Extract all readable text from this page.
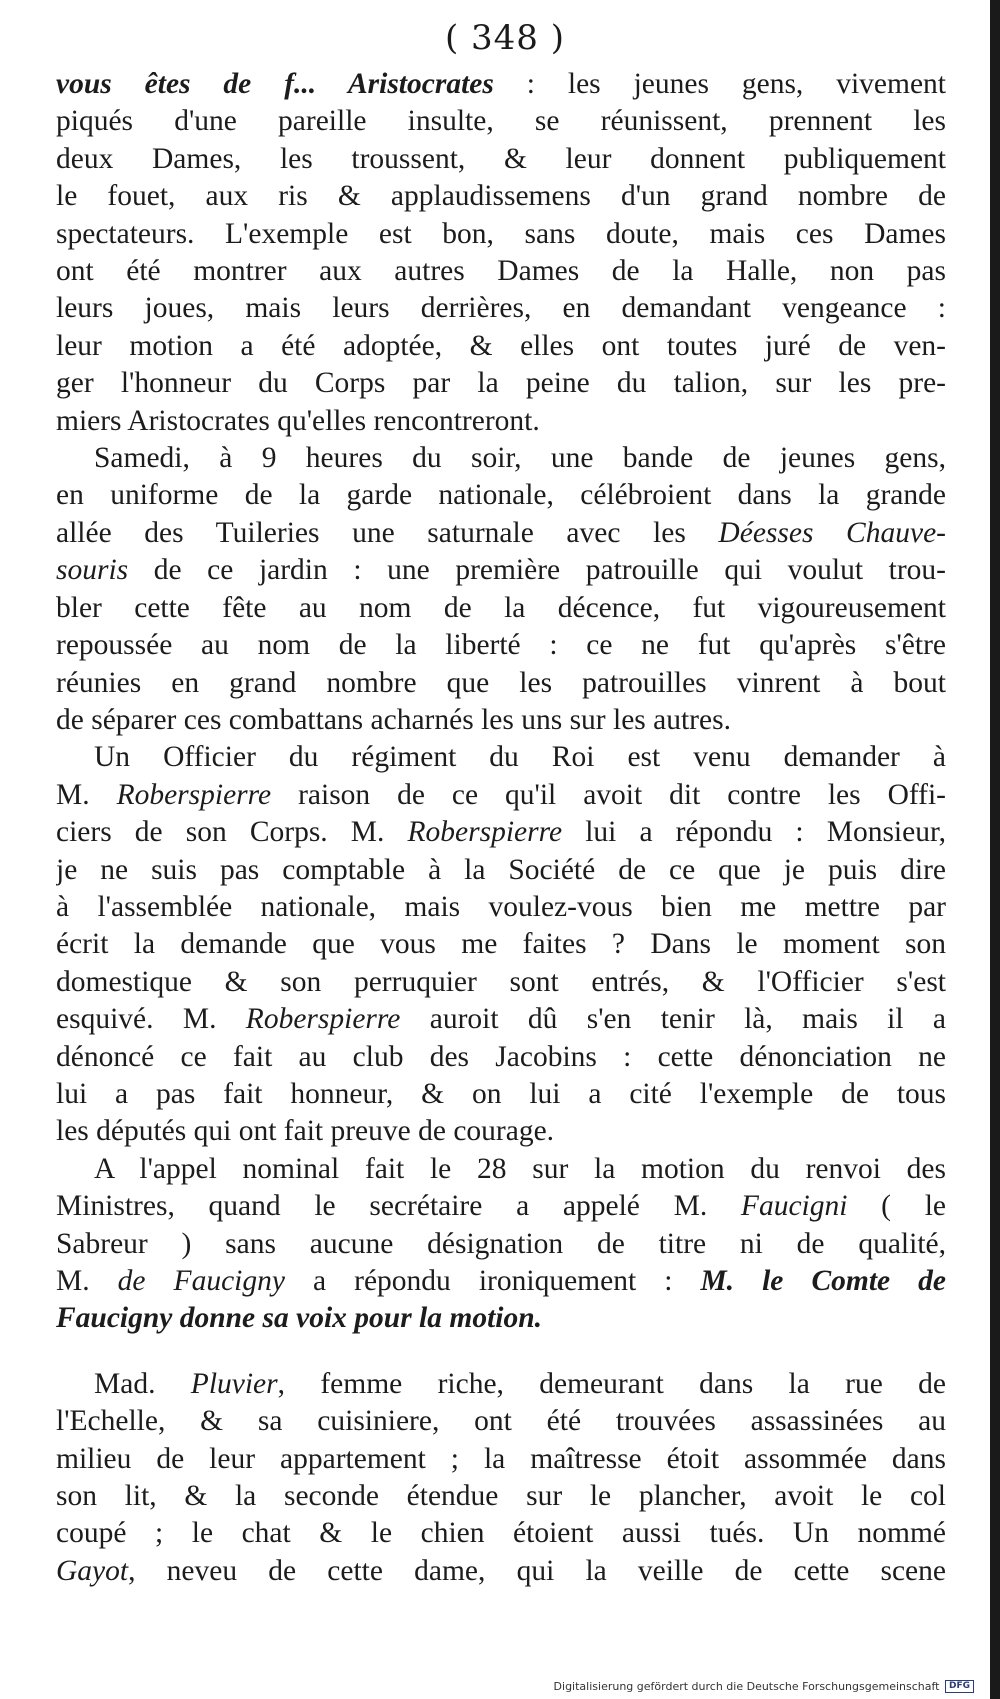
( 348 )
vous êtes de f... Aristocrates : les jeunes gens, vivement
piqués d'une pareille insulte, se réunissent, prennent les
deux Dames, les troussent, & leur donnent publiquement
le fouet, aux ris & applaudissemens d'un grand nombre de
spectateurs. L'exemple est bon, sans doute, mais ces Dames
ont été montrer aux autres Dames de la Halle, non pas
leurs joues, mais leurs derrières, en demandant vengeance :
leur motion a été adoptée, & elles ont toutes juré de ven-
ger l'honneur du Corps par la peine du talion, sur les pre-
miers Aristocrates qu'elles rencontreront.
Samedi, à 9 heures du soir, une bande de jeunes gens,
en uniforme de la garde nationale, célébroient dans la grande
allée des Tuileries une saturnale avec les Déesses Chauve-
souris de ce jardin : une première patrouille qui voulut trou-
bler cette fête au nom de la décence, fut vigoureusement
repoussée au nom de la liberté : ce ne fut qu'après s'être
réunies en grand nombre que les patrouilles vinrent à bout
de séparer ces combattans acharnés les uns sur les autres.
Un Officier du régiment du Roi est venu demander à
M. Roberspierre raison de ce qu'il avoit dit contre les Offi-
ciers de son Corps. M. Roberspierre lui a répondu : Monsieur,
je ne suis pas comptable à la Société de ce que je puis dire
à l'assemblée nationale, mais voulez-vous bien me mettre par
écrit la demande que vous me faites ? Dans le moment son
domestique & son perruquier sont entrés, & l'Officier s'est
esquivé. M. Roberspierre auroit dû s'en tenir là, mais il a
dénoncé ce fait au club des Jacobins : cette dénonciation ne
lui a pas fait honneur, & on lui a cité l'exemple de tous
les députés qui ont fait preuve de courage.
A l'appel nominal fait le 28 sur la motion du renvoi des
Ministres, quand le secrétaire a appelé M. Faucigni ( le
Sabreur ) sans aucune désignation de titre ni de qualité,
M. de Faucigny a répondu ironiquement : M. le Comte de
Faucigny donne sa voix pour la motion.
Mad. Pluvier, femme riche, demeurant dans la rue de
l'Echelle, & sa cuisiniere, ont été trouvées assassinées au
milieu de leur appartement ; la maîtresse étoit assommée dans
son lit, & la seconde étendue sur le plancher, avoit le col
coupé ; le chat & le chien étoient aussi tués. Un nommé
Gayot, neveu de cette dame, qui la veille de cette scene
Digitalisierung gefördert durch die Deutsche Forschungsgemeinschaft DFG
